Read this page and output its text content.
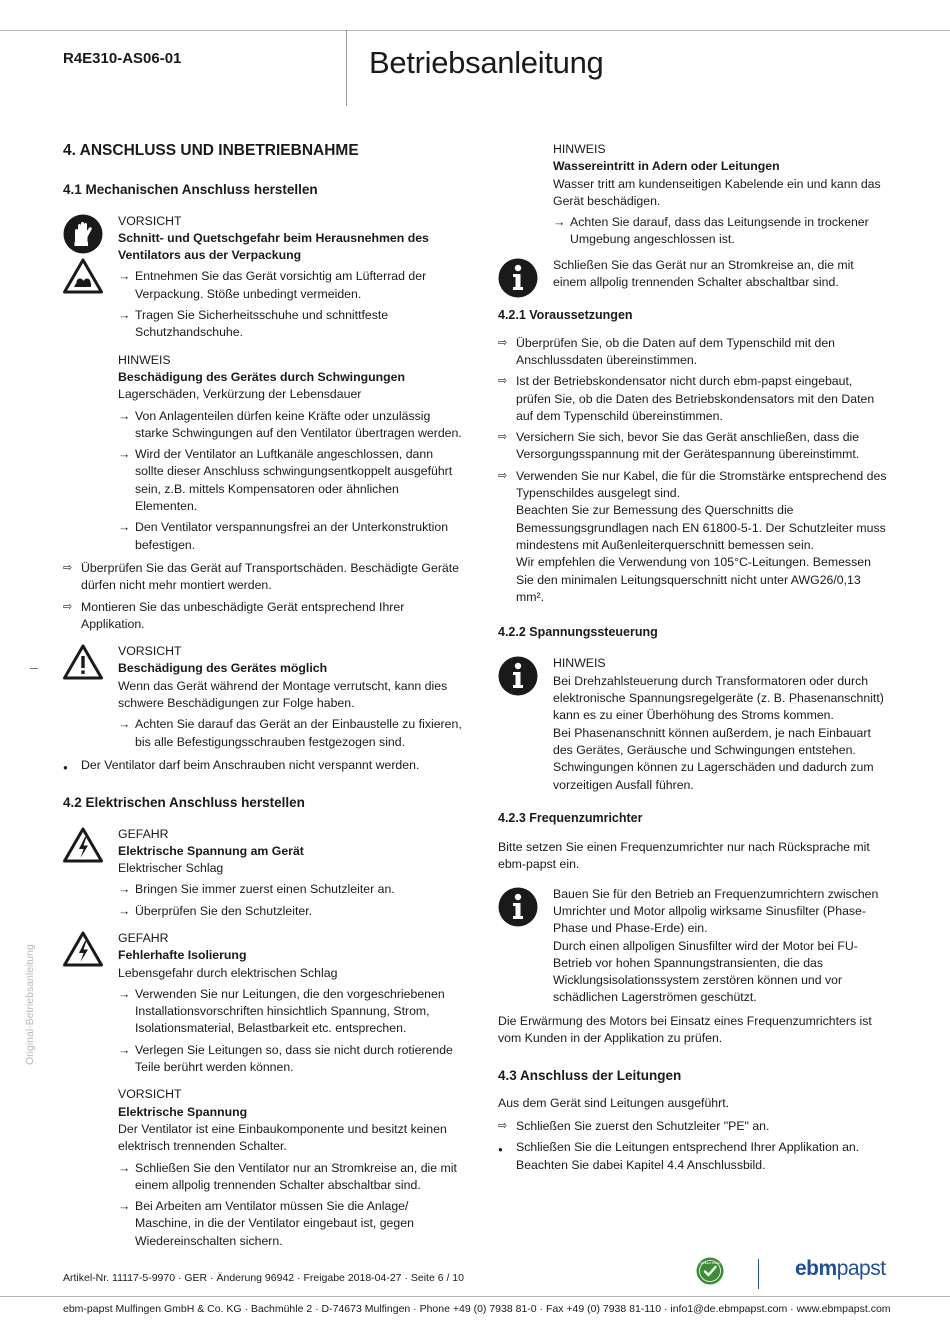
R4E310-AS06-01	Betriebsanleitung
Original-Betriebsanleitung
4. ANSCHLUSS UND INBETRIEBNAHME
4.1 Mechanischen Anschluss herstellen
VORSICHT
Schnitt- und Quetschgefahr beim Herausnehmen des Ventilators aus der Verpackung
→ Entnehmen Sie das Gerät vorsichtig am Lüfterrad der Verpackung. Stöße unbedingt vermeiden.
→ Tragen Sie Sicherheitsschuhe und schnittfeste Schutzhandschuhe.
HINWEIS
Beschädigung des Gerätes durch Schwingungen
Lagerschäden, Verkürzung der Lebensdauer
→ Von Anlagenteilen dürfen keine Kräfte oder unzulässig starke Schwingungen auf den Ventilator übertragen werden.
→ Wird der Ventilator an Luftkanäle angeschlossen, dann sollte dieser Anschluss schwingungsentkoppelt ausgeführt sein, z.B. mittels Kompensatoren oder ähnlichen Elementen.
→ Den Ventilator verspannungsfrei an der Unterkonstruktion befestigen.
⇨ Überprüfen Sie das Gerät auf Transportschäden. Beschädigte Geräte dürfen nicht mehr montiert werden.
⇨ Montieren Sie das unbeschädigte Gerät entsprechend Ihrer Applikation.
VORSICHT
Beschädigung des Gerätes möglich
Wenn das Gerät während der Montage verrutscht, kann dies schwere Beschädigungen zur Folge haben.
→ Achten Sie darauf das Gerät an der Einbaustelle zu fixieren, bis alle Befestigungsschrauben festgezogen sind.
● Der Ventilator darf beim Anschrauben nicht verspannt werden.
4.2 Elektrischen Anschluss herstellen
GEFAHR
Elektrische Spannung am Gerät
Elektrischer Schlag
→ Bringen Sie immer zuerst einen Schutzleiter an.
→ Überprüfen Sie den Schutzleiter.
GEFAHR
Fehlerhafte Isolierung
Lebensgefahr durch elektrischen Schlag
→ Verwenden Sie nur Leitungen, die den vorgeschriebenen Installationsvorschriften hinsichtlich Spannung, Strom, Isolationsmaterial, Belastbarkeit etc. entsprechen.
→ Verlegen Sie Leitungen so, dass sie nicht durch rotierende Teile berührt werden können.
VORSICHT
Elektrische Spannung
Der Ventilator ist eine Einbaukomponente und besitzt keinen elektrisch trennenden Schalter.
→ Schließen Sie den Ventilator nur an Stromkreise an, die mit einem allpolig trennenden Schalter abschaltbar sind.
→ Bei Arbeiten am Ventilator müssen Sie die Anlage/ Maschine, in die der Ventilator eingebaut ist, gegen Wiedereinschalten sichern.
HINWEIS
Wassereintritt in Adern oder Leitungen
Wasser tritt am kundenseitigen Kabelende ein und kann das Gerät beschädigen.
→ Achten Sie darauf, dass das Leitungsende in trockener Umgebung angeschlossen ist.
Schließen Sie das Gerät nur an Stromkreise an, die mit einem allpolig trennenden Schalter abschaltbar sind.
4.2.1 Voraussetzungen
⇨ Überprüfen Sie, ob die Daten auf dem Typenschild mit den Anschlussdaten übereinstimmen.
⇨ Ist der Betriebskondensator nicht durch ebm-papst eingebaut, prüfen Sie, ob die Daten des Betriebskondensators mit den Daten auf dem Typenschild übereinstimmen.
⇨ Versichern Sie sich, bevor Sie das Gerät anschließen, dass die Versorgungsspannung mit der Gerätespannung übereinstimmt.
⇨ Verwenden Sie nur Kabel, die für die Stromstärke entsprechend des Typenschildes ausgelegt sind.
Beachten Sie zur Bemessung des Querschnitts die Bemessungsgrundlagen nach EN 61800-5-1. Der Schutzleiter muss mindestens mit Außenleiterquerschnitt bemessen sein.
Wir empfehlen die Verwendung von 105°C-Leitungen. Bemessen Sie den minimalen Leitungsquerschnitt nicht unter AWG26/0,13 mm².
4.2.2 Spannungssteuerung
HINWEIS
Bei Drehzahlsteuerung durch Transformatoren oder durch elektronische Spannungsregelgeräte (z. B. Phasenanschnitt) kann es zu einer Überhöhung des Stroms kommen.
Bei Phasenanschnitt können außerdem, je nach Einbauart des Gerätes, Geräusche und Schwingungen entstehen. Schwingungen können zu Lagerschäden und dadurch zum vorzeitigen Ausfall führen.
4.2.3 Frequenzumrichter
Bitte setzen Sie einen Frequenzumrichter nur nach Rücksprache mit ebm-papst ein.
Bauen Sie für den Betrieb an Frequenzumrichtern zwischen Umrichter und Motor allpolig wirksame Sinusfilter (Phase-Phase und Phase-Erde) ein.
Durch einen allpoligen Sinusfilter wird der Motor bei FU-Betrieb vor hohen Spannungstransienten, die das Wicklungsisolationssystem zerstören können und vor schädlichen Lagerströmen geschützt.
Die Erwärmung des Motors bei Einsatz eines Frequenzumrichters ist vom Kunden in der Applikation zu prüfen.
4.3 Anschluss der Leitungen
Aus dem Gerät sind Leitungen ausgeführt.
⇨ Schließen Sie zuerst den Schutzleiter "PE" an.
● Schließen Sie die Leitungen entsprechend Ihrer Applikation an. Beachten Sie dabei Kapitel 4.4 Anschlussbild.
Artikel-Nr. 11117-5-9970 · GER · Änderung 96942 · Freigabe 2018-04-27 · Seite 6 / 10
GREEN TECH	ebmpapst
ebm-papst Mulfingen GmbH & Co. KG · Bachmühle 2 · D-74673 Mulfingen · Phone +49 (0) 7938 81-0 · Fax +49 (0) 7938 81-110 · info1@de.ebmpapst.com · www.ebmpapst.com
